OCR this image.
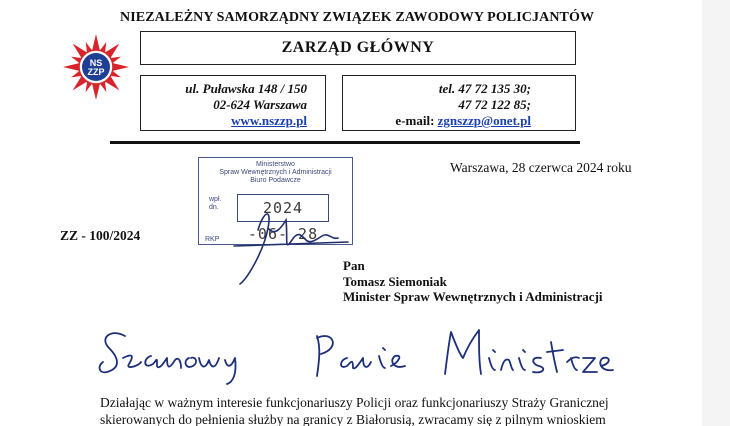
NIEZALEŻNY SAMORZĄDNY ZWIĄZEK ZAWODOWY POLICJANTÓW
NS
ZZP
ZARZĄD GŁÓWNY
ul. Puławska 148 / 150
02-624 Warszawa
www.nszzp.pl
tel. 47 72 135 30;
47 72 122 85;
e-mail: zgnszzp@onet.pl
Ministerstwo
Spraw Wewnętrznych i Administracji
Biuro Podawcze
wpł.
dn.	2024 -06- 28
RKP
Warszawa, 28 czerwca 2024 roku
ZZ - 100/2024
Pan
Tomasz Siemoniak
Minister Spraw Wewnętrznych i Administracji
Działając w ważnym interesie funkcjonariuszy Policji oraz funkcjonariuszy Straży Granicznej
skierowanych do pełnienia służby na granicy z Białorusią, zwracamy się z pilnym wnioskiem
